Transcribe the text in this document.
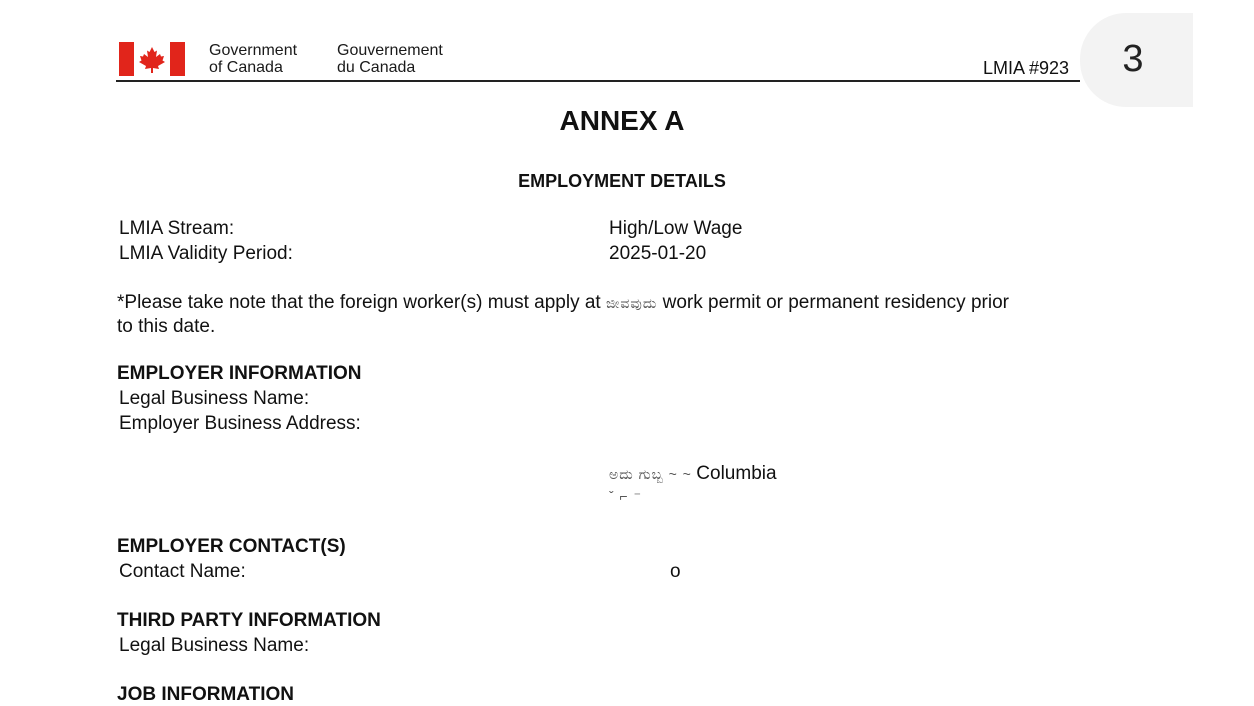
Government
of Canada
Gouvernement
du Canada	LMIA #923	3
ANNEX A
EMPLOYMENT DETAILS
LMIA Stream:	High/Low Wage
LMIA Validity Period:	2025-01-20
*Please take note that the foreign worker(s) must apply at ಜೀವವುದು work permit or permanent residency prior
to this date.
EMPLOYER INFORMATION
Legal Business Name:
Employer Business Address:
ಅದು ಗುಬ್ಬ ~ ~ Columbia
ˇ ⌐ ⁻
EMPLOYER CONTACT(S)
Contact Name:	o
THIRD PARTY INFORMATION
Legal Business Name:
JOB INFORMATION
